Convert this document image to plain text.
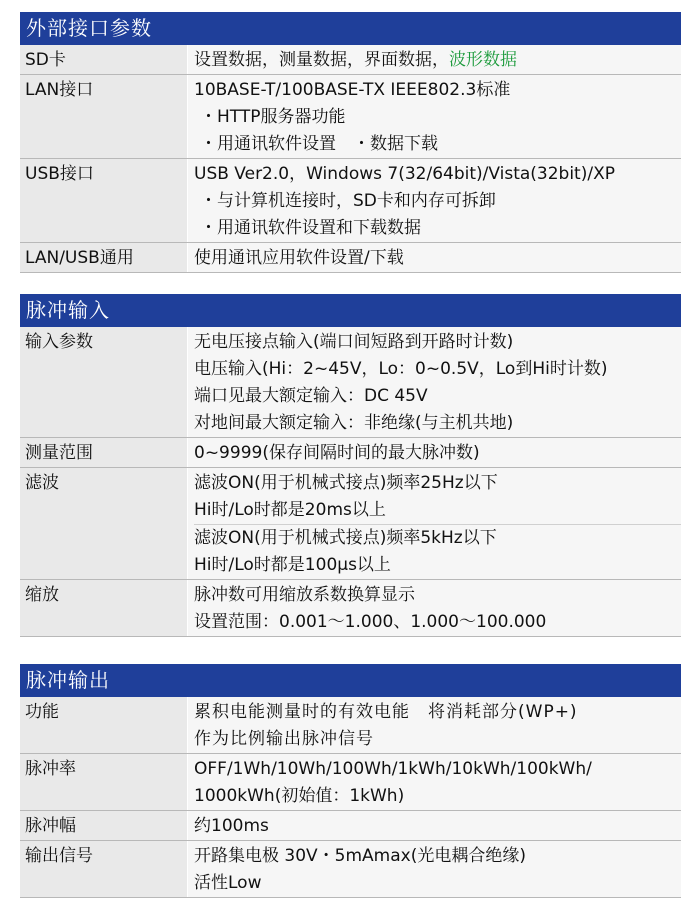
外部接口参数
SD卡	设置数据，测量数据，界面数据，波形数据
LAN接口	10BASE-T/100BASE-TX IEEE802.3标准
・HTTP服务器功能
・用通讯软件设置　・数据下载
USB接口	USB Ver2.0，Windows 7(32/64bit)/Vista(32bit)/XP
・与计算机连接时，SD卡和内存可拆卸
・用通讯软件设置和下载数据
LAN/USB通用	使用通讯应用软件设置/下载
脉冲输入
输入参数	无电压接点输入(端口间短路到开路时计数)
电压输入(Hi：2~45V，Lo：0~0.5V，Lo到Hi时计数)
端口见最大额定输入：DC 45V
对地间最大额定输入：非绝缘(与主机共地)
测量范围	0~9999(保存间隔时间的最大脉冲数)
滤波	滤波ON(用于机械式接点)频率25Hz以下
Hi时/Lo时都是20ms以上
滤波ON(用于机械式接点)频率5kHz以下
Hi时/Lo时都是100μs以上
缩放	脉冲数可用缩放系数换算显示
设置范围：0.001～1.000、1.000～100.000
脉冲输出
功能	累积电能测量时的有效电能　将消耗部分(WP+)
作为比例输出脉冲信号
脉冲率	OFF/1Wh/10Wh/100Wh/1kWh/10kWh/100kWh/
1000kWh(初始值：1kWh)
脉冲幅	约100ms
输出信号	开路集电极 30V・5mAmax(光电耦合绝缘)
活性Low
